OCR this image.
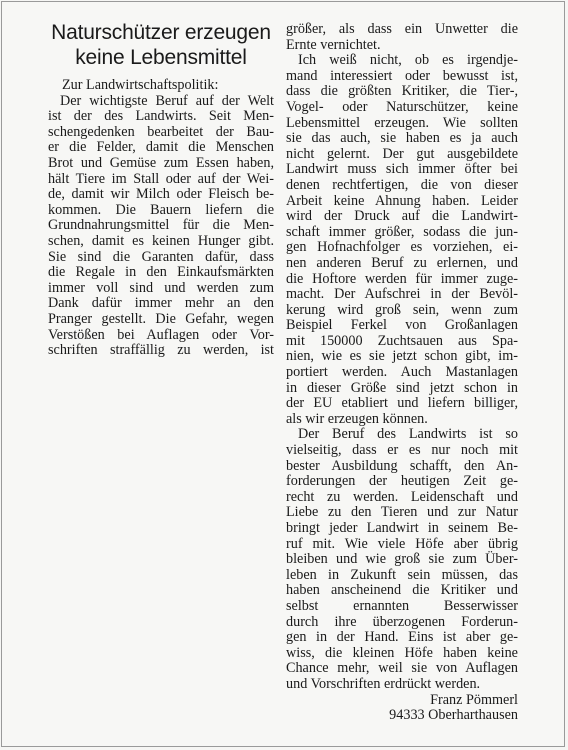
Naturschützer erzeugen
keine Lebensmittel

Zur Landwirtschaftspolitik:

Der wichtigste Beruf auf der Welt
ist der des Landwirts. Seit Men-
schengedenken bearbeitet der Bau-
er die Felder, damit die Menschen
Brot und Gemüse zum Essen haben,
hält Tiere im Stall oder auf der Wei-
de, damit wir Milch oder Fleisch be-
kommen. Die Bauern liefern die
Grundnahrungsmittel für die Men-
schen, damit es keinen Hunger gibt.
Sie sind die Garanten dafür, dass
die Regale in den Einkaufsmärkten
immer voll sind und werden zum
Dank dafür immer mehr an den
Pranger gestellt. Die Gefahr, wegen
Verstößen bei Auflagen oder Vor-
schriften straffällig zu werden, ist
größer, als dass ein Unwetter die
Ernte vernichtet.
Ich weiß nicht, ob es irgendje-
mand interessiert oder bewusst ist,
dass die größten Kritiker, die Tier-,
Vogel- oder Naturschützer, keine
Lebensmittel erzeugen. Wie sollten
sie das auch, sie haben es ja auch
nicht gelernt. Der gut ausgebildete
Landwirt muss sich immer öfter bei
denen rechtfertigen, die von dieser
Arbeit keine Ahnung haben. Leider
wird der Druck auf die Landwirt-
schaft immer größer, sodass die jun-
gen Hofnachfolger es vorziehen, ei-
nen anderen Beruf zu erlernen, und
die Hoftore werden für immer zuge-
macht. Der Aufschrei in der Bevöl-
kerung wird groß sein, wenn zum
Beispiel Ferkel von Großanlagen
mit 150000 Zuchtsauen aus Spa-
nien, wie es sie jetzt schon gibt, im-
portiert werden. Auch Mastanlagen
in dieser Größe sind jetzt schon in
der EU etabliert und liefern billiger,
als wir erzeugen können.
Der Beruf des Landwirts ist so
vielseitig, dass er es nur noch mit
bester Ausbildung schafft, den An-
forderungen der heutigen Zeit ge-
recht zu werden. Leidenschaft und
Liebe zu den Tieren und zur Natur
bringt jeder Landwirt in seinem Be-
ruf mit. Wie viele Höfe aber übrig
bleiben und wie groß sie zum Über-
leben in Zukunft sein müssen, das
haben anscheinend die Kritiker und
selbst ernannten Besserwisser
durch ihre überzogenen Forderun-
gen in der Hand. Eins ist aber ge-
wiss, die kleinen Höfe haben keine
Chance mehr, weil sie von Auflagen
und Vorschriften erdrückt werden.

Franz Pömmerl

94333 Oberharthausen
